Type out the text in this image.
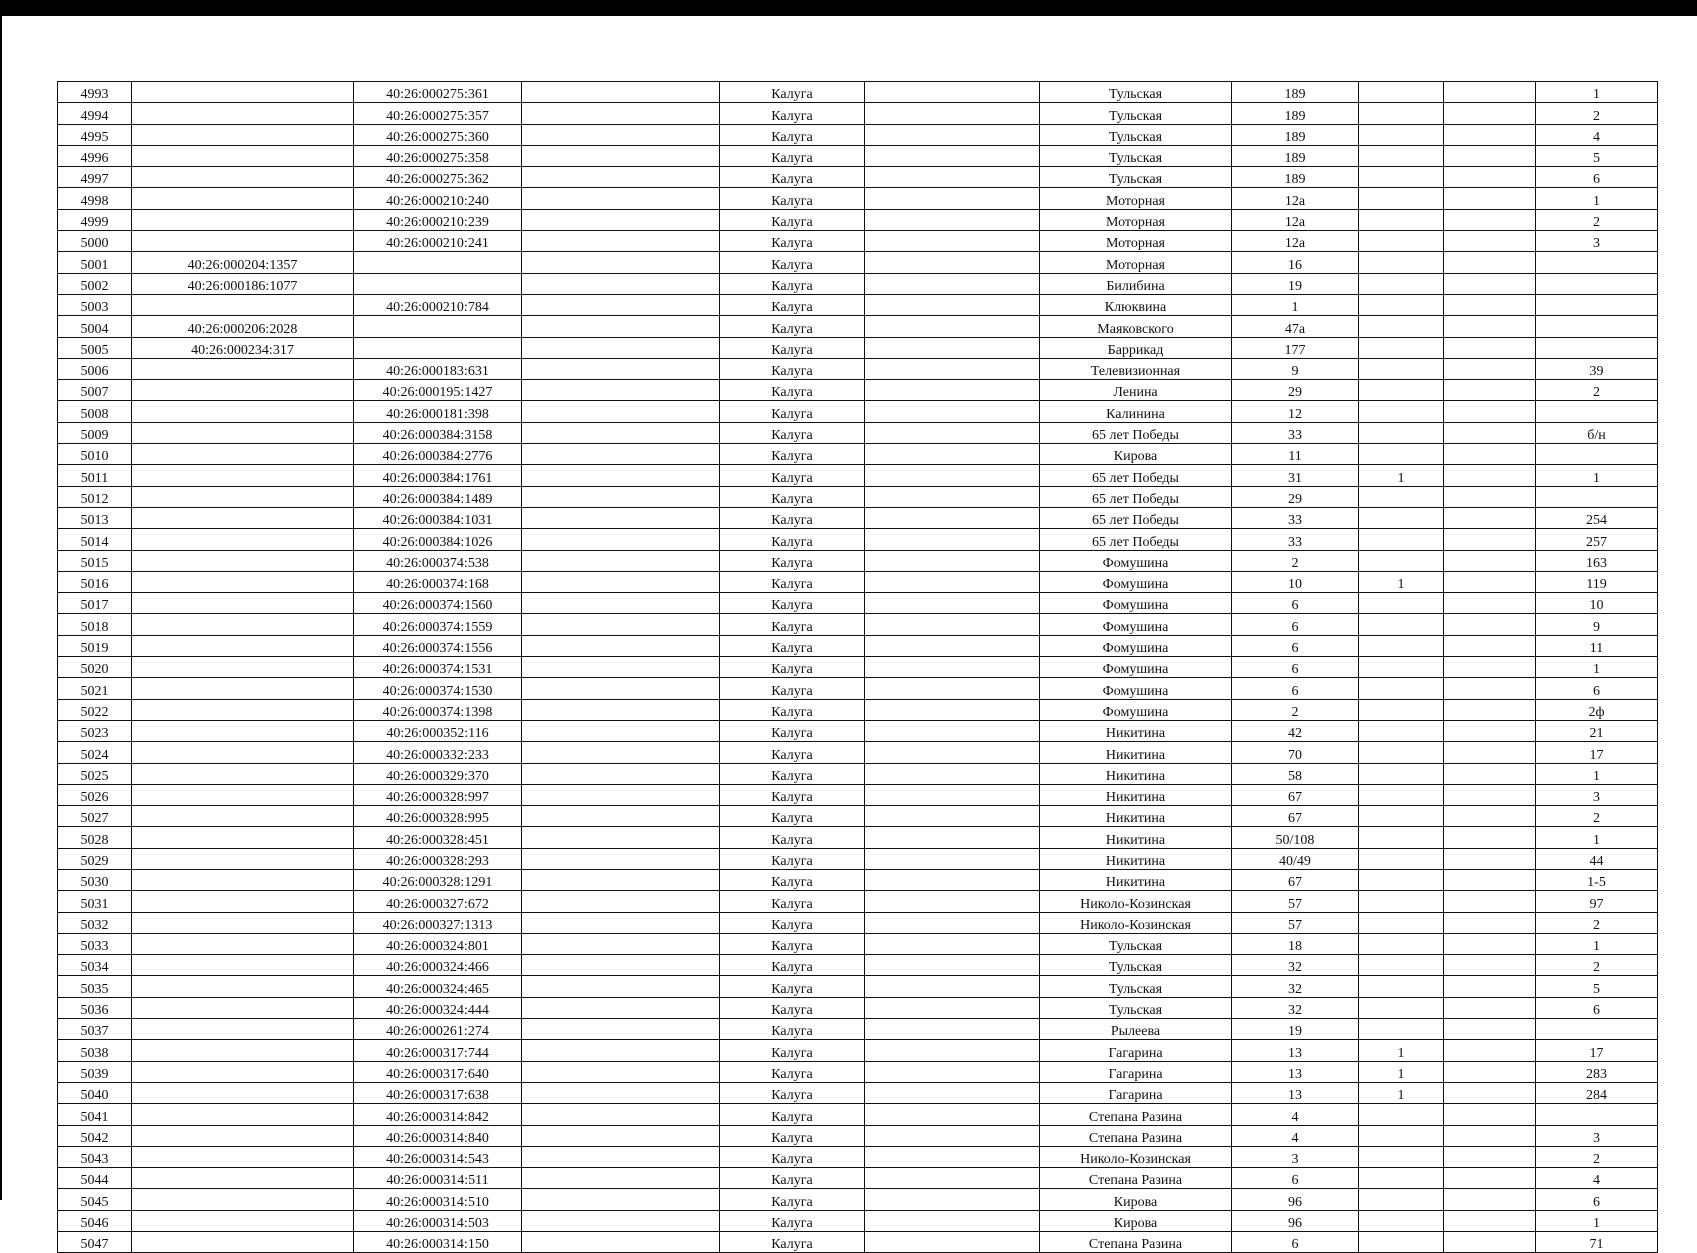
4993		40:26:000275:361		Калуга		Тульская	189			1
4994		40:26:000275:357		Калуга		Тульская	189			2
4995		40:26:000275:360		Калуга		Тульская	189			4
4996		40:26:000275:358		Калуга		Тульская	189			5
4997		40:26:000275:362		Калуга		Тульская	189			6
4998		40:26:000210:240		Калуга		Моторная	12а			1
4999		40:26:000210:239		Калуга		Моторная	12а			2
5000		40:26:000210:241		Калуга		Моторная	12а			3
5001	40:26:000204:1357			Калуга		Моторная	16			
5002	40:26:000186:1077			Калуга		Билибина	19			
5003		40:26:000210:784		Калуга		Клюквина	1			
5004	40:26:000206:2028			Калуга		Маяковского	47а			
5005	40:26:000234:317			Калуга		Баррикад	177			
5006		40:26:000183:631		Калуга		Телевизионная	9			39
5007		40:26:000195:1427		Калуга		Ленина	29			2
5008		40:26:000181:398		Калуга		Калинина	12			
5009		40:26:000384:3158		Калуга		65 лет Победы	33			б/н
5010		40:26:000384:2776		Калуга		Кирова	11			
5011		40:26:000384:1761		Калуга		65 лет Победы	31	1		1
5012		40:26:000384:1489		Калуга		65 лет Победы	29			
5013		40:26:000384:1031		Калуга		65 лет Победы	33			254
5014		40:26:000384:1026		Калуга		65 лет Победы	33			257
5015		40:26:000374:538		Калуга		Фомушина	2			163
5016		40:26:000374:168		Калуга		Фомушина	10	1		119
5017		40:26:000374:1560		Калуга		Фомушина	6			10
5018		40:26:000374:1559		Калуга		Фомушина	6			9
5019		40:26:000374:1556		Калуга		Фомушина	6			11
5020		40:26:000374:1531		Калуга		Фомушина	6			1
5021		40:26:000374:1530		Калуга		Фомушина	6			6
5022		40:26:000374:1398		Калуга		Фомушина	2			2ф
5023		40:26:000352:116		Калуга		Никитина	42			21
5024		40:26:000332:233		Калуга		Никитина	70			17
5025		40:26:000329:370		Калуга		Никитина	58			1
5026		40:26:000328:997		Калуга		Никитина	67			3
5027		40:26:000328:995		Калуга		Никитина	67			2
5028		40:26:000328:451		Калуга		Никитина	50/108			1
5029		40:26:000328:293		Калуга		Никитина	40/49			44
5030		40:26:000328:1291		Калуга		Никитина	67			1-5
5031		40:26:000327:672		Калуга		Николо-Козинская	57			97
5032		40:26:000327:1313		Калуга		Николо-Козинская	57			2
5033		40:26:000324:801		Калуга		Тульская	18			1
5034		40:26:000324:466		Калуга		Тульская	32			2
5035		40:26:000324:465		Калуга		Тульская	32			5
5036		40:26:000324:444		Калуга		Тульская	32			6
5037		40:26:000261:274		Калуга		Рылеева	19			
5038		40:26:000317:744		Калуга		Гагарина	13	1		17
5039		40:26:000317:640		Калуга		Гагарина	13	1		283
5040		40:26:000317:638		Калуга		Гагарина	13	1		284
5041		40:26:000314:842		Калуга		Степана Разина	4			
5042		40:26:000314:840		Калуга		Степана Разина	4			3
5043		40:26:000314:543		Калуга		Николо-Козинская	3			2
5044		40:26:000314:511		Калуга		Степана Разина	6			4
5045		40:26:000314:510		Калуга		Кирова	96			6
5046		40:26:000314:503		Калуга		Кирова	96			1
5047		40:26:000314:150		Калуга		Степана Разина	6			71
